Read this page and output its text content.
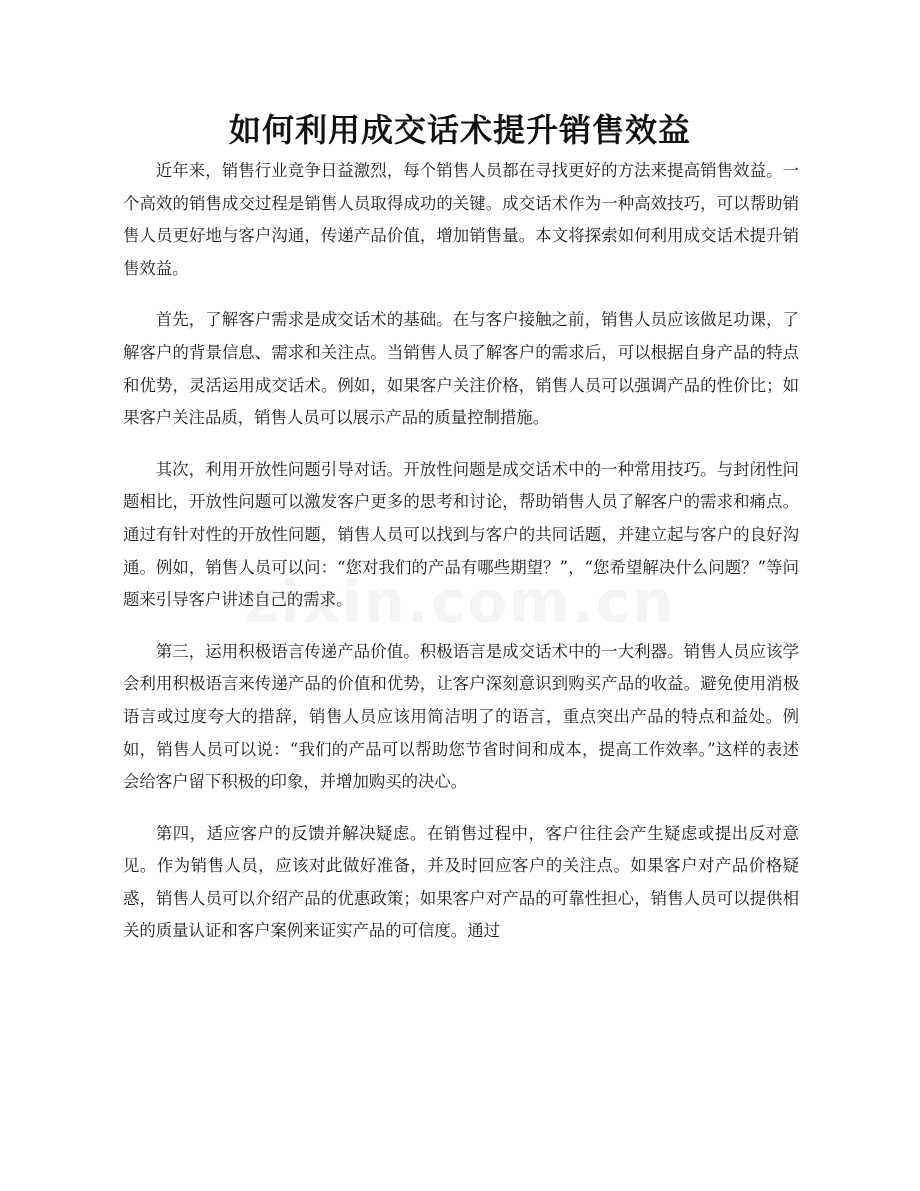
如何利用成交话术提升销售效益

近年来，销售行业竞争日益激烈，每个销售人员都在寻找更好的方法来提高销售效益。一个高效的销售成交过程是销售人员取得成功的关键。成交话术作为一种高效技巧，可以帮助销售人员更好地与客户沟通，传递产品价值，增加销售量。本文将探索如何利用成交话术提升销售效益。

首先，了解客户需求是成交话术的基础。在与客户接触之前，销售人员应该做足功课，了解客户的背景信息、需求和关注点。当销售人员了解客户的需求后，可以根据自身产品的特点和优势，灵活运用成交话术。例如，如果客户关注价格，销售人员可以强调产品的性价比；如果客户关注品质，销售人员可以展示产品的质量控制措施。

其次，利用开放性问题引导对话。开放性问题是成交话术中的一种常用技巧。与封闭性问题相比，开放性问题可以激发客户更多的思考和讨论，帮助销售人员了解客户的需求和痛点。通过有针对性的开放性问题，销售人员可以找到与客户的共同话题，并建立起与客户的良好沟通。例如，销售人员可以问：“您对我们的产品有哪些期望？”，“您希望解决什么问题？”等问题来引导客户讲述自己的需求。

第三，运用积极语言传递产品价值。积极语言是成交话术中的一大利器。销售人员应该学会利用积极语言来传递产品的价值和优势，让客户深刻意识到购买产品的收益。避免使用消极语言或过度夸大的措辞，销售人员应该用简洁明了的语言，重点突出产品的特点和益处。例如，销售人员可以说：“我们的产品可以帮助您节省时间和成本，提高工作效率。”这样的表述会给客户留下积极的印象，并增加购买的决心。

第四，适应客户的反馈并解决疑虑。在销售过程中，客户往往会产生疑虑或提出反对意见。作为销售人员，应该对此做好准备，并及时回应客户的关注点。如果客户对产品价格疑惑，销售人员可以介绍产品的优惠政策；如果客户对产品的可靠性担心，销售人员可以提供相关的质量认证和客户案例来证实产品的可信度。通过
